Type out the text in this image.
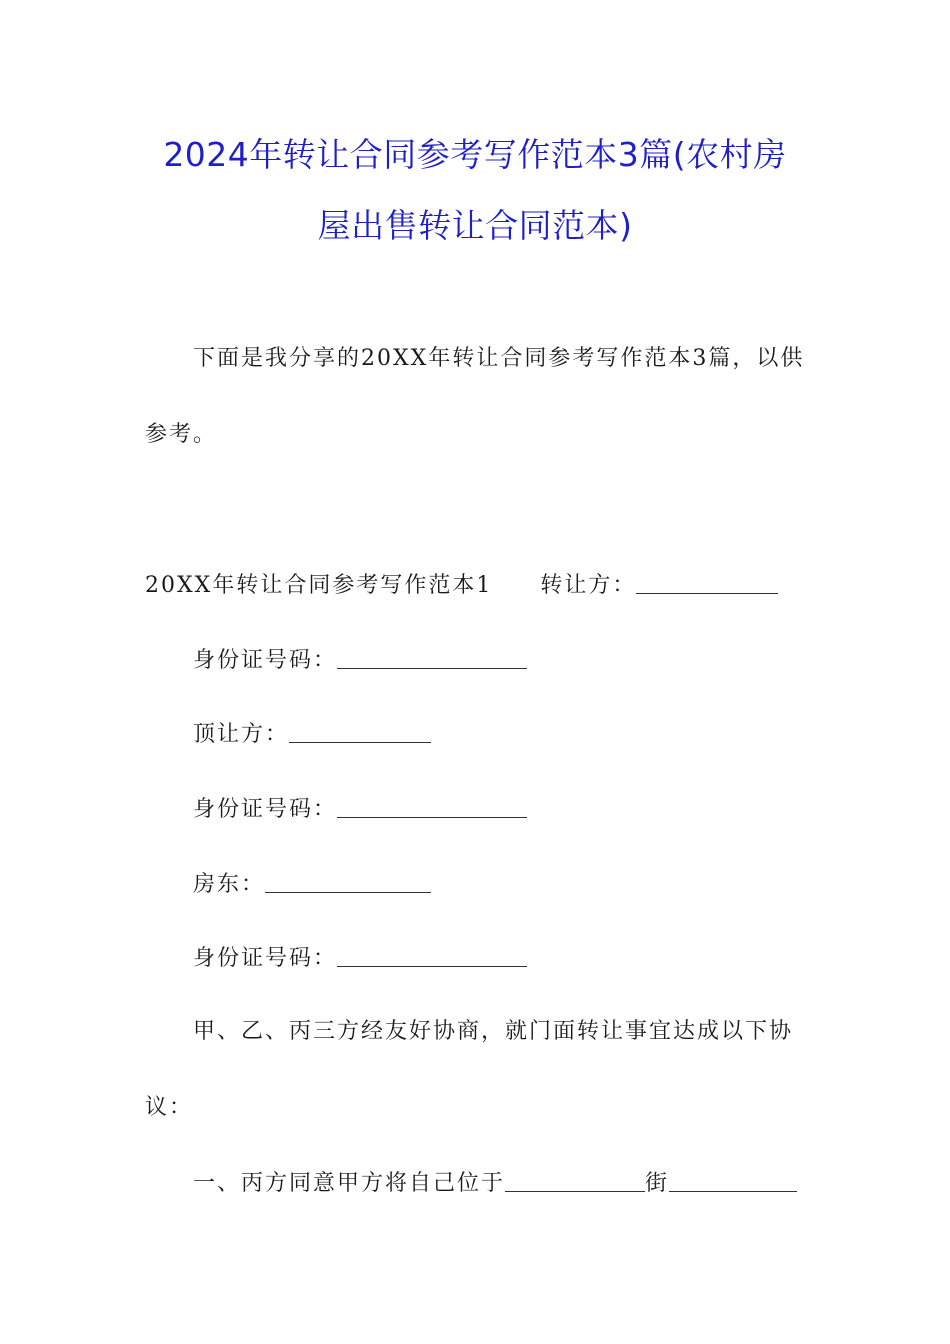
2024年转让合同参考写作范本3篇(农村房
屋出售转让合同范本)
下面是我分享的20XX年转让合同参考写作范本3篇，以供
参考。
20XX年转让合同参考写作范本1 转让方：
身份证号码：
顶让方：
身份证号码：
房东：
身份证号码：
甲、乙、丙三方经友好协商，就门面转让事宜达成以下协
议：
一、丙方同意甲方将自己位于	街
